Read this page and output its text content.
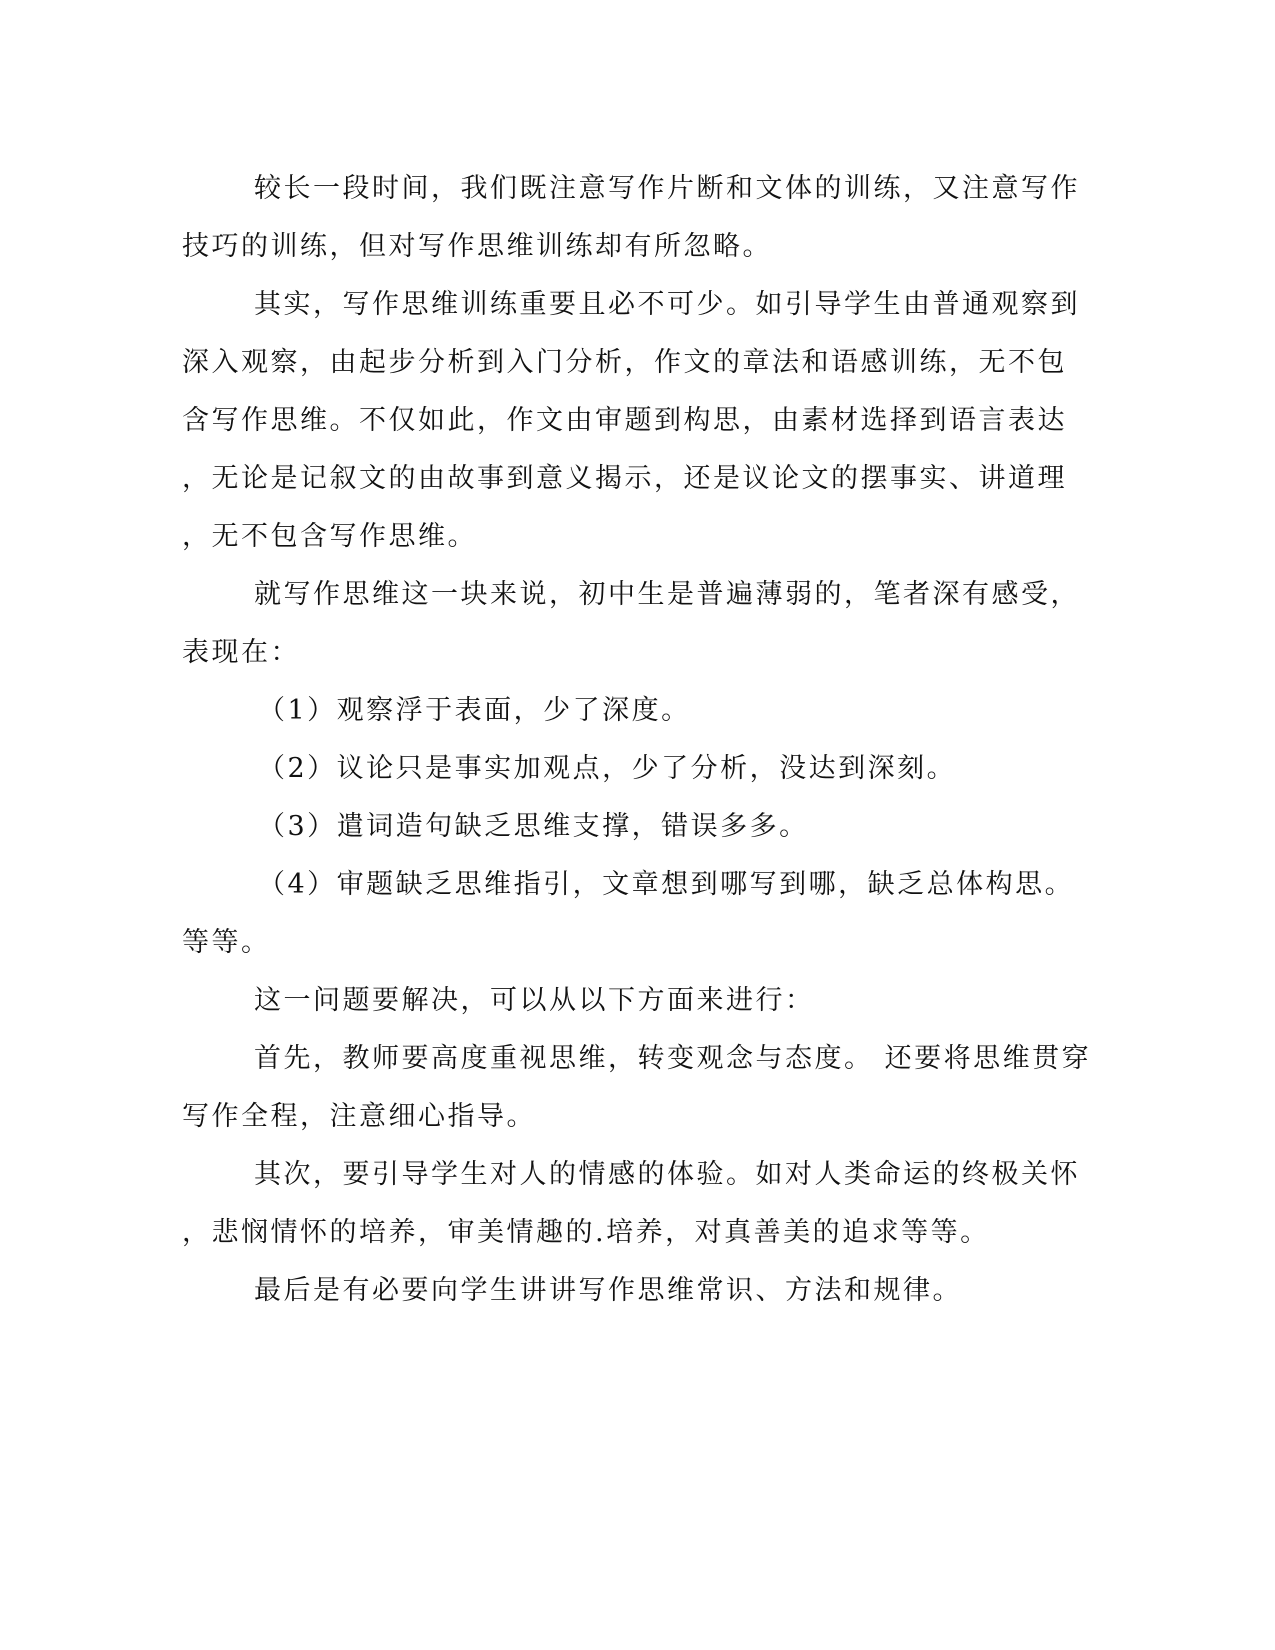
较长一段时间，我们既注意写作片断和文体的训练，又注意写作
技巧的训练，但对写作思维训练却有所忽略。
其实，写作思维训练重要且必不可少。如引导学生由普通观察到
深入观察，由起步分析到入门分析，作文的章法和语感训练，无不包
含写作思维。不仅如此，作文由审题到构思，由素材选择到语言表达
，无论是记叙文的由故事到意义揭示，还是议论文的摆事实、讲道理
，无不包含写作思维。
就写作思维这一块来说，初中生是普遍薄弱的，笔者深有感受，
表现在：
（1）观察浮于表面，少了深度。
（2）议论只是事实加观点，少了分析，没达到深刻。
（3）遣词造句缺乏思维支撑，错误多多。
（4）审题缺乏思维指引，文章想到哪写到哪，缺乏总体构思。
等等。
这一问题要解决，可以从以下方面来进行：
首先，教师要高度重视思维，转变观念与态度。 还要将思维贯穿
写作全程，注意细心指导。
其次，要引导学生对人的情感的体验。如对人类命运的终极关怀
，悲悯情怀的培养，审美情趣的.培养，对真善美的追求等等。
最后是有必要向学生讲讲写作思维常识、方法和规律。
